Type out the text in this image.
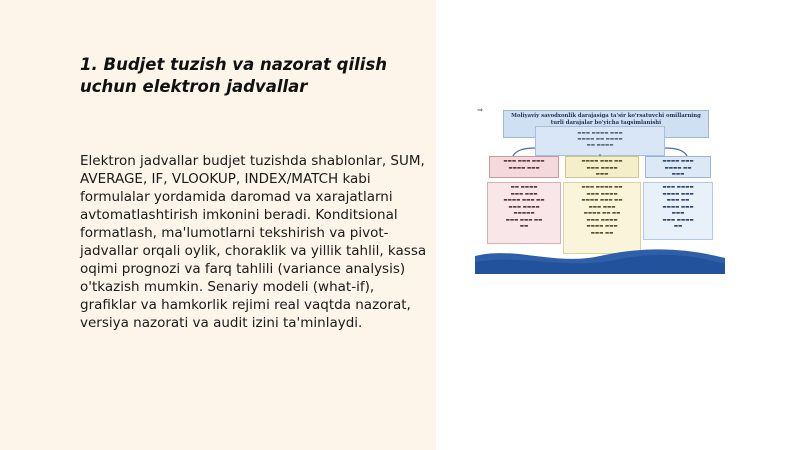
1. Budjet tuzish va nazorat qilish uchun elektron jadvallar

Elektron jadvallar budjet tuzishda shablonlar, SUM, AVERAGE, IF, VLOOKUP, INDEX/MATCH kabi formulalar yordamida daromad va xarajatlarni avtomatlashtirish imkonini beradi. Konditsional formatlash, ma'lumotlarni tekshirish va pivot-jadvallar orqali oylik, choraklik va yillik tahlil, kassa oqimi prognozi va farq tahlili (variance analysis) o'tkazish mumkin. Senariy modeli (what-if), grafiklar va hamkorlik rejimi real vaqtda nazorat, versiya nazorati va audit izini ta'minlaydi.

⇒
Moliyaviy savodxonlik darajasiga ta'sir ko'rsatuvchi omillarning turli darajalar bo'yicha taqsimlanishi
▬▬▬ ▬▬▬▬ ▬▬▬
▬▬▬▬ ▬▬ ▬▬▬▬
▬▬ ▬▬▬▬
▬▬▬ ▬▬▬ ▬▬▬
▬▬▬▬ ▬▬▬
▬▬▬▬ ▬▬▬ ▬▬
▬▬▬ ▬▬▬▬
▬▬▬
▬▬▬▬ ▬▬▬
▬▬▬▬ ▬▬
▬▬▬
▬▬ ▬▬▬▬
▬▬▬ ▬▬▬
▬▬▬▬ ▬▬▬ ▬▬
▬▬▬ ▬▬▬▬
▬▬▬▬▬
▬▬▬ ▬▬▬ ▬▬
▬▬
▬▬▬ ▬▬▬▬ ▬▬
▬▬▬ ▬▬▬▬
▬▬▬▬ ▬▬▬ ▬▬
▬▬▬ ▬▬▬
▬▬▬▬ ▬▬ ▬▬
▬▬▬ ▬▬▬▬
▬▬▬▬ ▬▬▬
▬▬▬ ▬▬
▬▬▬ ▬▬▬▬
▬▬▬▬ ▬▬▬
▬▬▬ ▬▬
▬▬▬▬ ▬▬▬
▬▬▬
▬▬▬ ▬▬▬▬
▬▬
